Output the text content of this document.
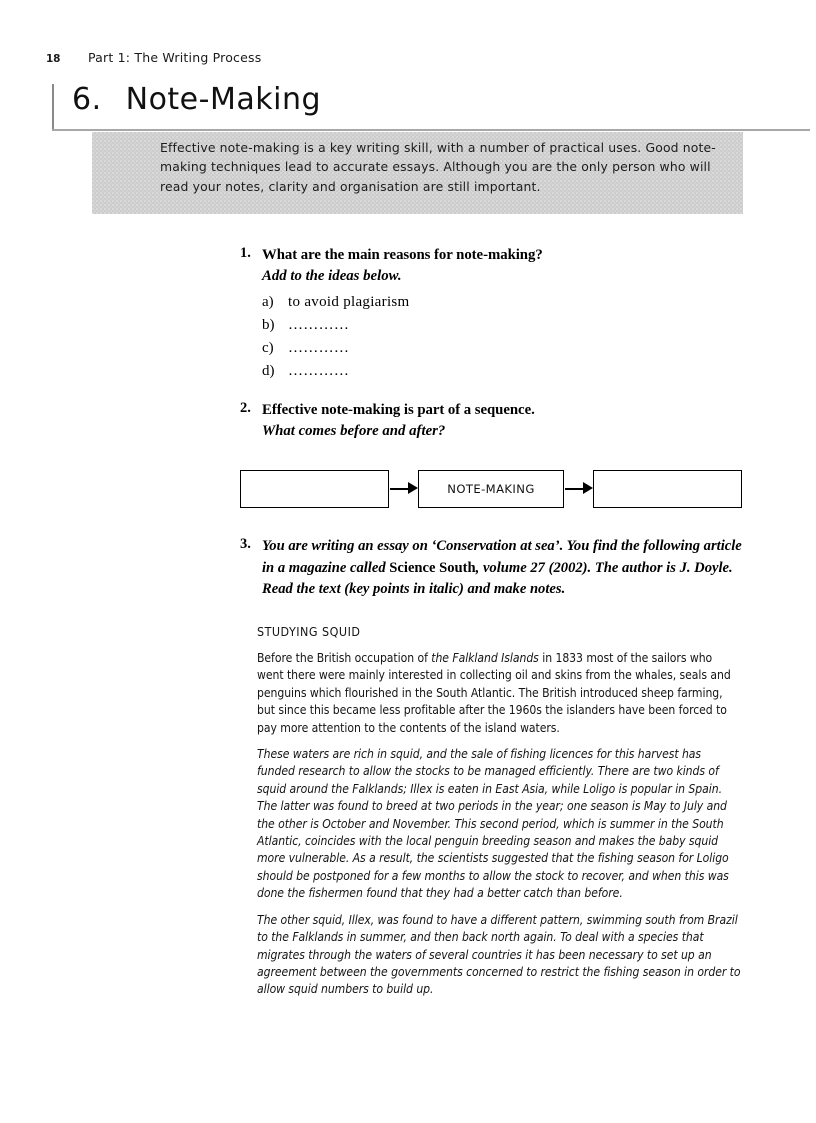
18	Part 1: The Writing Process
6. Note-Making
Effective note-making is a key writing skill, with a number of practical uses. Good note-making techniques lead to accurate essays. Although you are the only person who will read your notes, clarity and organisation are still important.
1. What are the main reasons for note-making?
Add to the ideas below.
a) to avoid plagiarism
b) …………
c) …………
d) …………
2. Effective note-making is part of a sequence.
What comes before and after?
NOTE-MAKING
3. You are writing an essay on ‘Conservation at sea’. You find the following article in a magazine called Science South, volume 27 (2002). The author is J. Doyle. Read the text (key points in italic) and make notes.
STUDYING SQUID

Before the British occupation of the Falkland Islands in 1833 most of the sailors who went there were mainly interested in collecting oil and skins from the whales, seals and penguins which flourished in the South Atlantic. The British introduced sheep farming, but since this became less profitable after the 1960s the islanders have been forced to pay more attention to the contents of the island waters.

These waters are rich in squid, and the sale of fishing licences for this harvest has funded research to allow the stocks to be managed efficiently. There are two kinds of squid around the Falklands; Illex is eaten in East Asia, while Loligo is popular in Spain. The latter was found to breed at two periods in the year; one season is May to July and the other is October and November. This second period, which is summer in the South Atlantic, coincides with the local penguin breeding season and makes the baby squid more vulnerable. As a result, the scientists suggested that the fishing season for Loligo should be postponed for a few months to allow the stock to recover, and when this was done the fishermen found that they had a better catch than before.

The other squid, Illex, was found to have a different pattern, swimming south from Brazil to the Falklands in summer, and then back north again. To deal with a species that migrates through the waters of several countries it has been necessary to set up an agreement between the governments concerned to restrict the fishing season in order to allow squid numbers to build up.
